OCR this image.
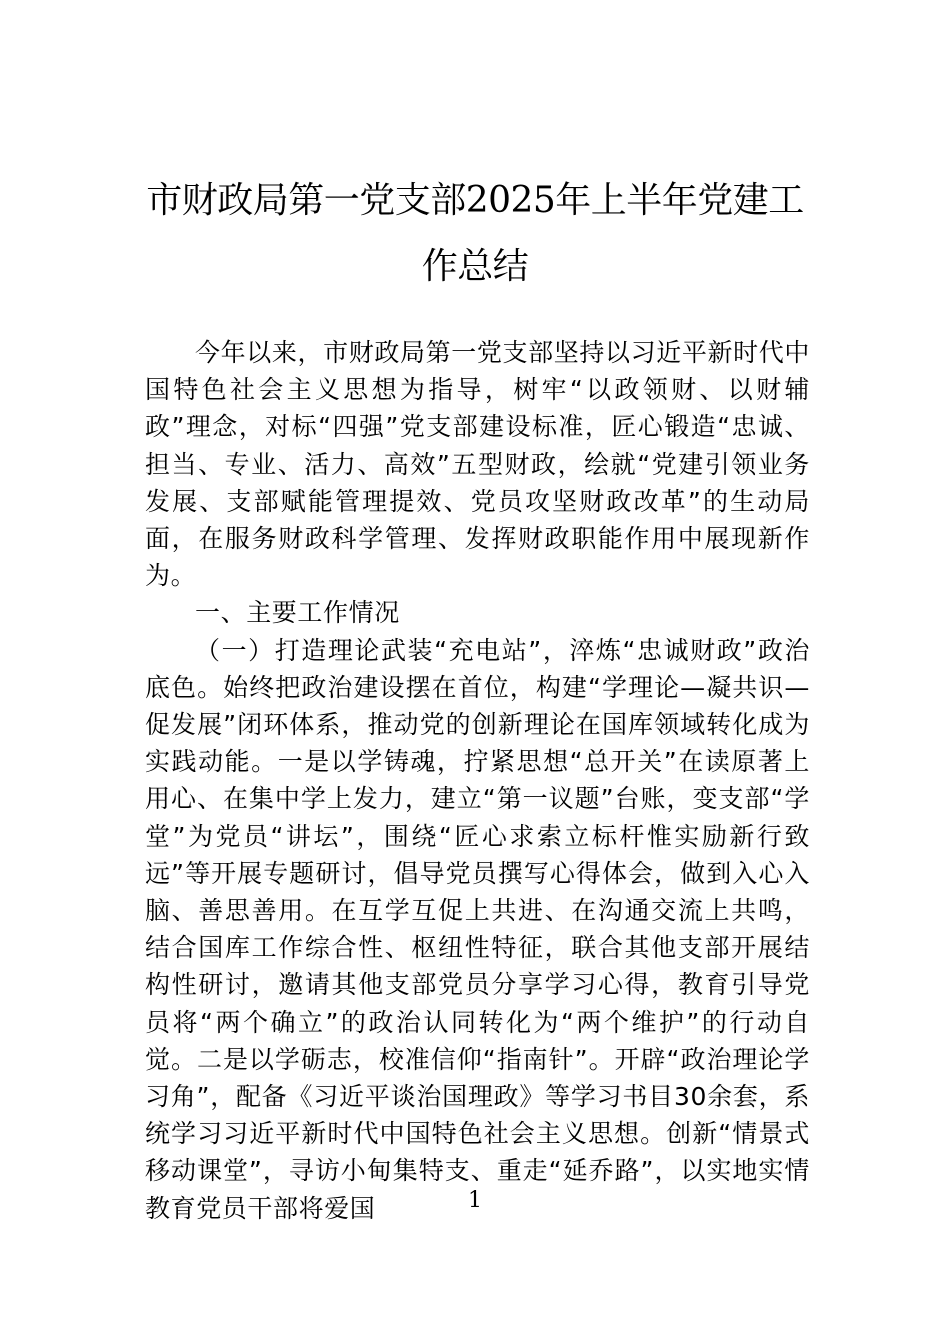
市财政局第一党支部2025年上半年党建工作总结

今年以来，市财政局第一党支部坚持以习近平新时代中国特色社会主义思想为指导，树牢“以政领财、以财辅政”理念，对标“四强”党支部建设标准，匠心锻造“忠诚、担当、专业、活力、高效”五型财政，绘就“党建引领业务发展、支部赋能管理提效、党员攻坚财政改革”的生动局面，在服务财政科学管理、发挥财政职能作用中展现新作为。

一、主要工作情况

（一）打造理论武装“充电站”，淬炼“忠诚财政”政治底色。始终把政治建设摆在首位，构建“学理论—凝共识—促发展”闭环体系，推动党的创新理论在国库领域转化成为实践动能。一是以学铸魂，拧紧思想“总开关”在读原著上用心、在集中学上发力，建立“第一议题”台账，变支部“学堂”为党员“讲坛”，围绕“匠心求索立标杆惟实励新行致远”等开展专题研讨，倡导党员撰写心得体会，做到入心入脑、善思善用。在互学互促上共进、在沟通交流上共鸣，结合国库工作综合性、枢纽性特征，联合其他支部开展结构性研讨，邀请其他支部党员分享学习心得，教育引导党员将“两个确立”的政治认同转化为“两个维护”的行动自觉。二是以学砺志，校准信仰“指南针”。开辟“政治理论学习角”，配备《习近平谈治国理政》等学习书目30余套，系统学习习近平新时代中国特色社会主义思想。创新“情景式移动课堂”，寻访小甸集特支、重走“延乔路”，以实地实情教育党员干部将爱国	1
